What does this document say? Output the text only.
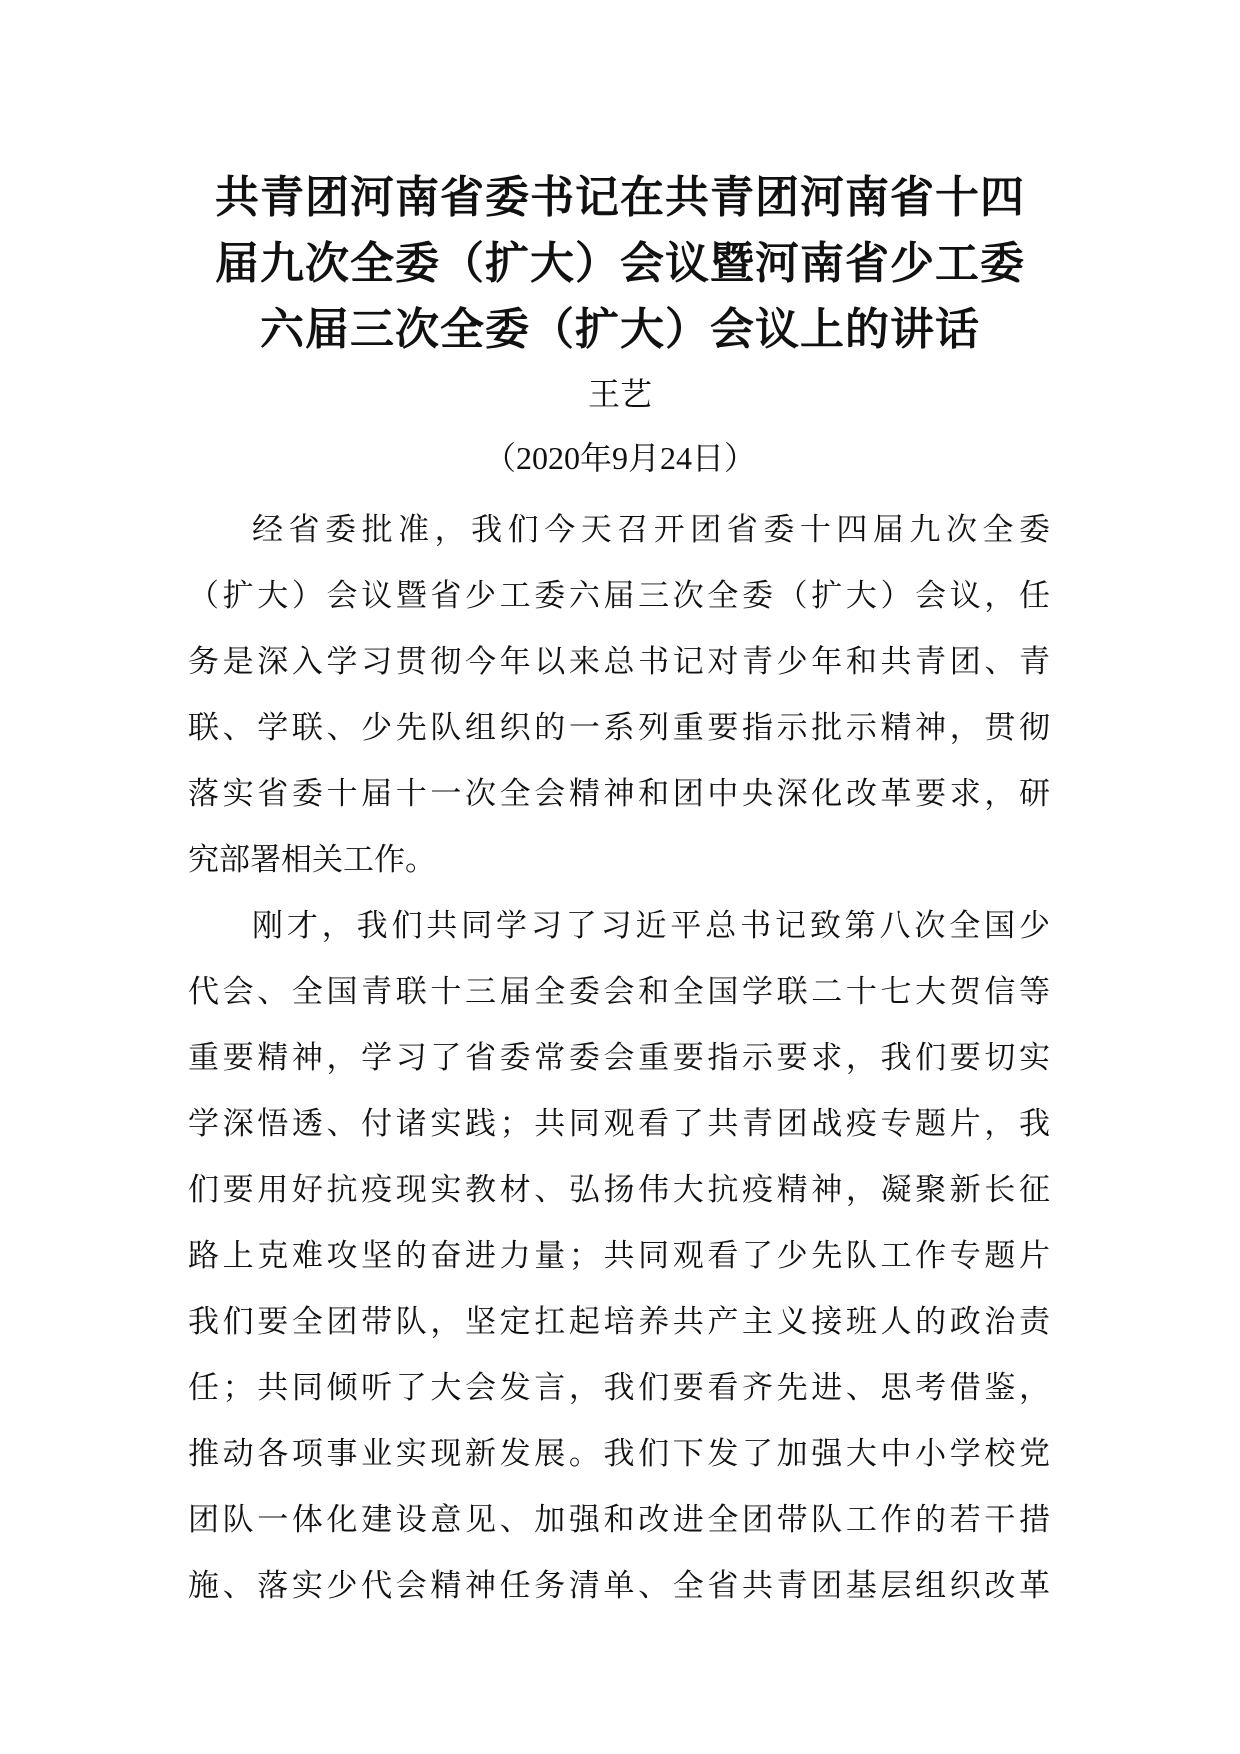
共青团河南省委书记在共青团河南省十四
届九次全委（扩大）会议暨河南省少工委
六届三次全委（扩大）会议上的讲话
王艺
（2020年9月24日）

经省委批准，我们今天召开团省委十四届九次全委
（扩大）会议暨省少工委六届三次全委（扩大）会议，任
务是深入学习贯彻今年以来总书记对青少年和共青团、青
联、学联、少先队组织的一系列重要指示批示精神，贯彻
落实省委十届十一次全会精神和团中央深化改革要求，研
究部署相关工作。

刚才，我们共同学习了习近平总书记致第八次全国少
代会、全国青联十三届全委会和全国学联二十七大贺信等
重要精神，学习了省委常委会重要指示要求，我们要切实
学深悟透、付诸实践；共同观看了共青团战疫专题片，我
们要用好抗疫现实教材、弘扬伟大抗疫精神，凝聚新长征
路上克难攻坚的奋进力量；共同观看了少先队工作专题片
我们要全团带队，坚定扛起培养共产主义接班人的政治责
任；共同倾听了大会发言，我们要看齐先进、思考借鉴，
推动各项事业实现新发展。我们下发了加强大中小学校党
团队一体化建设意见、加强和改进全团带队工作的若干措
施、落实少代会精神任务清单、全省共青团基层组织改革
